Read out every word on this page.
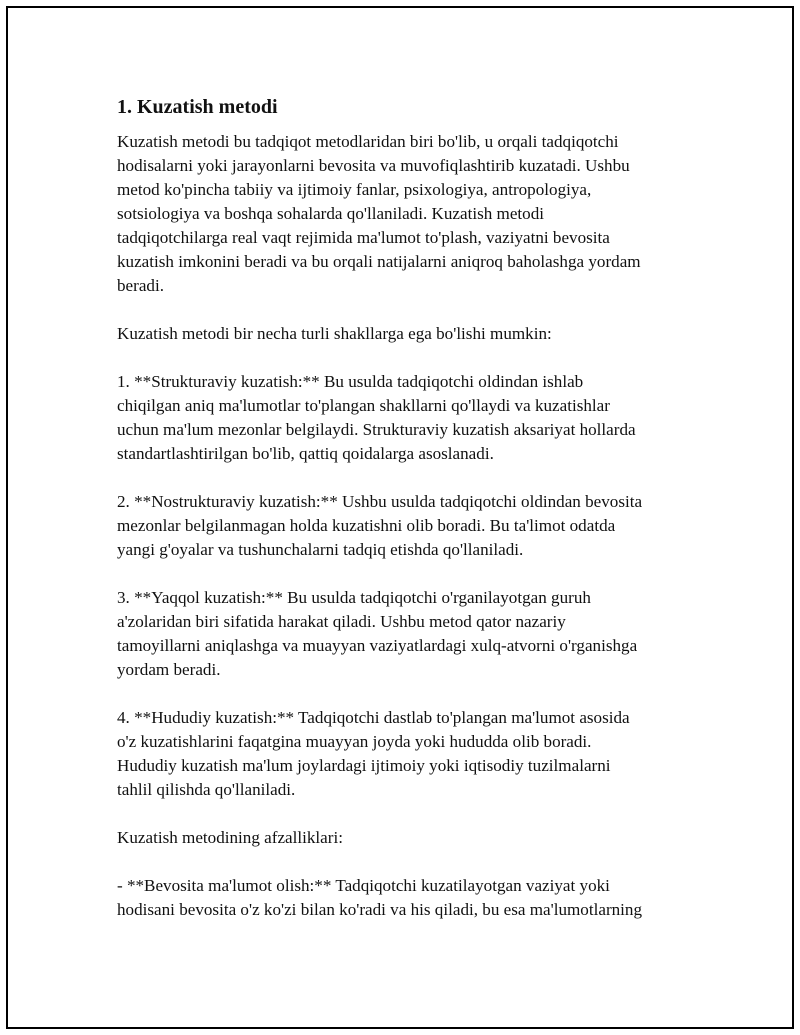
1. Kuzatish metodi

Kuzatish metodi bu tadqiqot metodlaridan biri bo'lib, u orqali tadqiqotchi
hodisalarni yoki jarayonlarni bevosita va muvofiqlashtirib kuzatadi. Ushbu
metod ko'pincha tabiiy va ijtimoiy fanlar, psixologiya, antropologiya,
sotsiologiya va boshqa sohalarda qo'llaniladi. Kuzatish metodi
tadqiqotchilarga real vaqt rejimida ma'lumot to'plash, vaziyatni bevosita
kuzatish imkonini beradi va bu orqali natijalarni aniqroq baholashga yordam
beradi.

Kuzatish metodi bir necha turli shakllarga ega bo'lishi mumkin:

1. **Strukturaviy kuzatish:** Bu usulda tadqiqotchi oldindan ishlab
chiqilgan aniq ma'lumotlar to'plangan shakllarni qo'llaydi va kuzatishlar
uchun ma'lum mezonlar belgilaydi. Strukturaviy kuzatish aksariyat hollarda
standartlashtirilgan bo'lib, qattiq qoidalarga asoslanadi.

2. **Nostrukturaviy kuzatish:** Ushbu usulda tadqiqotchi oldindan bevosita
mezonlar belgilanmagan holda kuzatishni olib boradi. Bu ta'limot odatda
yangi g'oyalar va tushunchalarni tadqiq etishda qo'llaniladi.

3. **Yaqqol kuzatish:** Bu usulda tadqiqotchi o'rganilayotgan guruh
a'zolaridan biri sifatida harakat qiladi. Ushbu metod qator nazariy
tamoyillarni aniqlashga va muayyan vaziyatlardagi xulq-atvorni o'rganishga
yordam beradi.

4. **Hududiy kuzatish:** Tadqiqotchi dastlab to'plangan ma'lumot asosida
o'z kuzatishlarini faqatgina muayyan joyda yoki hududda olib boradi.
Hududiy kuzatish ma'lum joylardagi ijtimoiy yoki iqtisodiy tuzilmalarni
tahlil qilishda qo'llaniladi.

Kuzatish metodining afzalliklari:

- **Bevosita ma'lumot olish:** Tadqiqotchi kuzatilayotgan vaziyat yoki
hodisani bevosita o'z ko'zi bilan ko'radi va his qiladi, bu esa ma'lumotlarning
